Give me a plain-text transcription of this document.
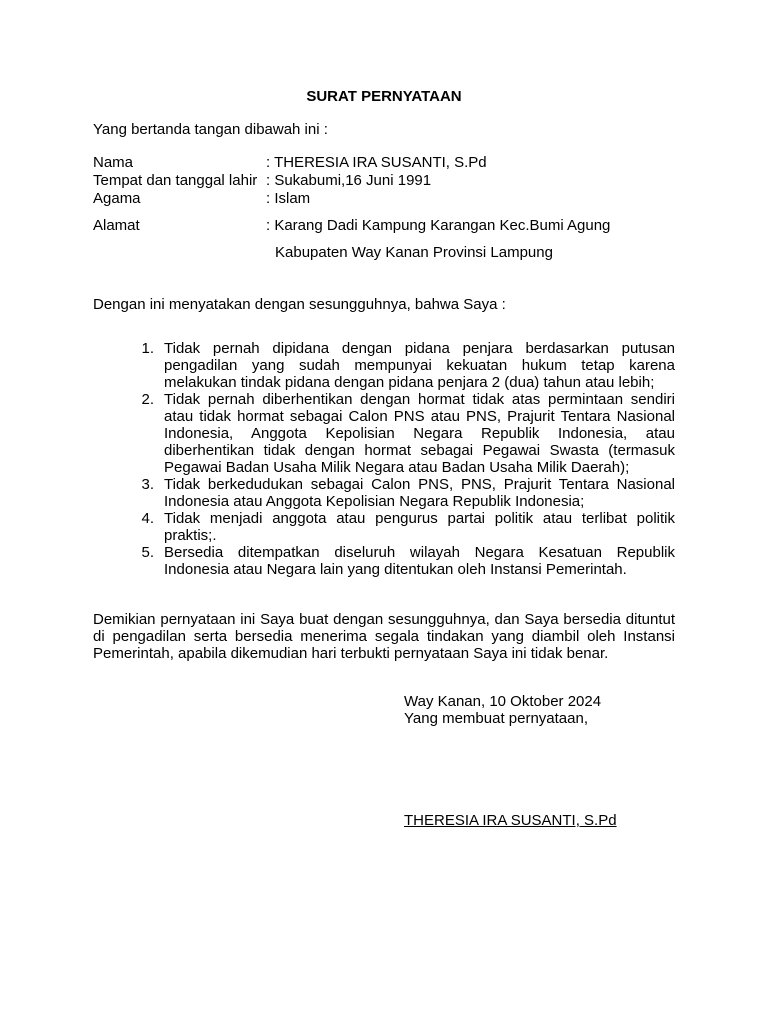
SURAT PERNYATAAN
Yang bertanda tangan dibawah ini :
Nama	: THERESIA IRA SUSANTI, S.Pd
Tempat dan tanggal lahir : Sukabumi,16 Juni 1991
Agama	: Islam
Alamat	: Karang Dadi Kampung Karangan Kec.Bumi Agung
Kabupaten Way Kanan Provinsi Lampung
Dengan ini menyatakan dengan sesungguhnya, bahwa Saya :
1. Tidak pernah dipidana dengan pidana penjara berdasarkan putusan pengadilan yang sudah mempunyai kekuatan hukum tetap karena melakukan tindak pidana dengan pidana penjara 2 (dua) tahun atau lebih;
2. Tidak pernah diberhentikan dengan hormat tidak atas permintaan sendiri atau tidak hormat sebagai Calon PNS atau PNS, Prajurit Tentara Nasional Indonesia, Anggota Kepolisian Negara Republik Indonesia, atau diberhentikan tidak dengan hormat sebagai Pegawai Swasta (termasuk Pegawai Badan Usaha Milik Negara atau Badan Usaha Milik Daerah);
3. Tidak berkedudukan sebagai Calon PNS, PNS, Prajurit Tentara Nasional Indonesia atau Anggota Kepolisian Negara Republik Indonesia;
4. Tidak menjadi anggota atau pengurus partai politik atau terlibat politik praktis;.
5. Bersedia ditempatkan diseluruh wilayah Negara Kesatuan Republik Indonesia atau Negara lain yang ditentukan oleh Instansi Pemerintah.

Demikian pernyataan ini Saya buat dengan sesungguhnya, dan Saya bersedia dituntut di pengadilan serta bersedia menerima segala tindakan yang diambil oleh Instansi Pemerintah, apabila dikemudian hari terbukti pernyataan Saya ini tidak benar.

Way Kanan, 10 Oktober 2024
Yang membuat pernyataan,
THERESIA IRA SUSANTI, S.Pd
